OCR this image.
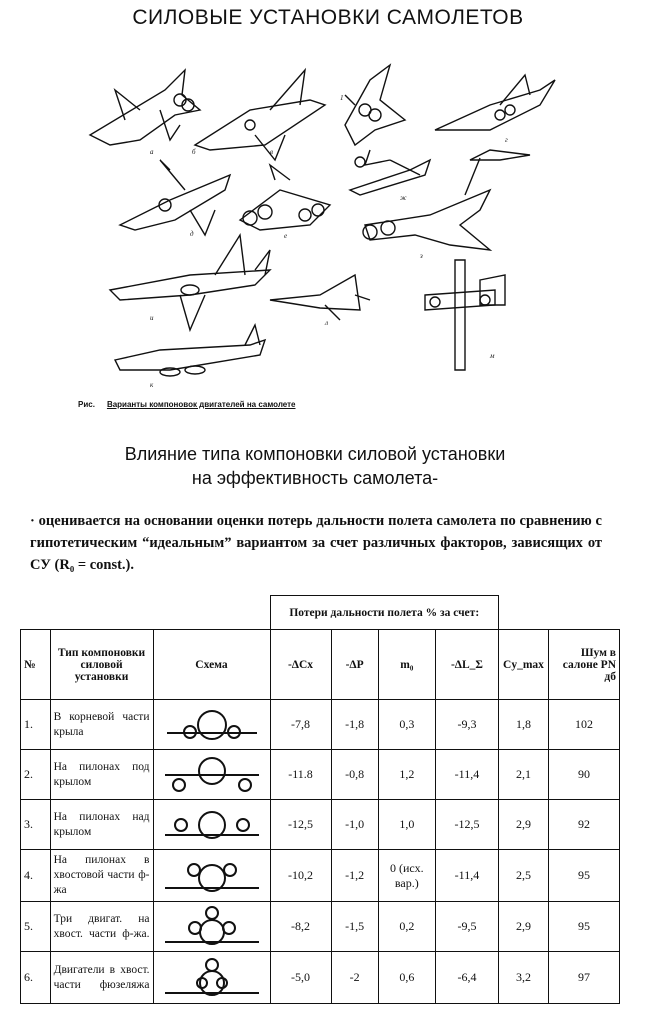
СИЛОВЫЕ УСТАНОВКИ САМОЛЕТОВ
а	б	в
г
д	е
ж
з
и
к
л
м
1
Рис. Варианты компоновок двигателей на самолете
Влияние типа компоновки силовой установки
на эффективность самолета-
· оценивается на основании оценки потерь дальности полета самолета по сравнению с гипотетическим “идеальным” вариантом за счет различных факторов, зависящих от СУ (R₀ = const.).
			Потери дальности полета % за счет:					
№	Тип компоновки силовой установки	Схема	-ΔCx	-ΔP	m₀	-ΔL_Σ	Cy_max	Шум в салоне PN дб
1.	В корневой части крыла		-7,8	-1,8	0,3	-9,3	1,8	102
2.	На пилонах под крылом		-11.8	-0,8	1,2	-11,4	2,1	90
3.	На пилонах над крылом		-12,5	-1,0	1,0	-12,5	2,9	92
4.	На пилонах в хвостовой части ф-жа		-10,2	-1,2	0 (исх. вар.)	-11,4	2,5	95
5.	Три двигат. на хвост. части ф-жа.		-8,2	-1,5	0,2	-9,5	2,9	95
6.	Двигатели в хвост. части фюзеляжа		-5,0	-2	0,6	-6,4	3,2	97
